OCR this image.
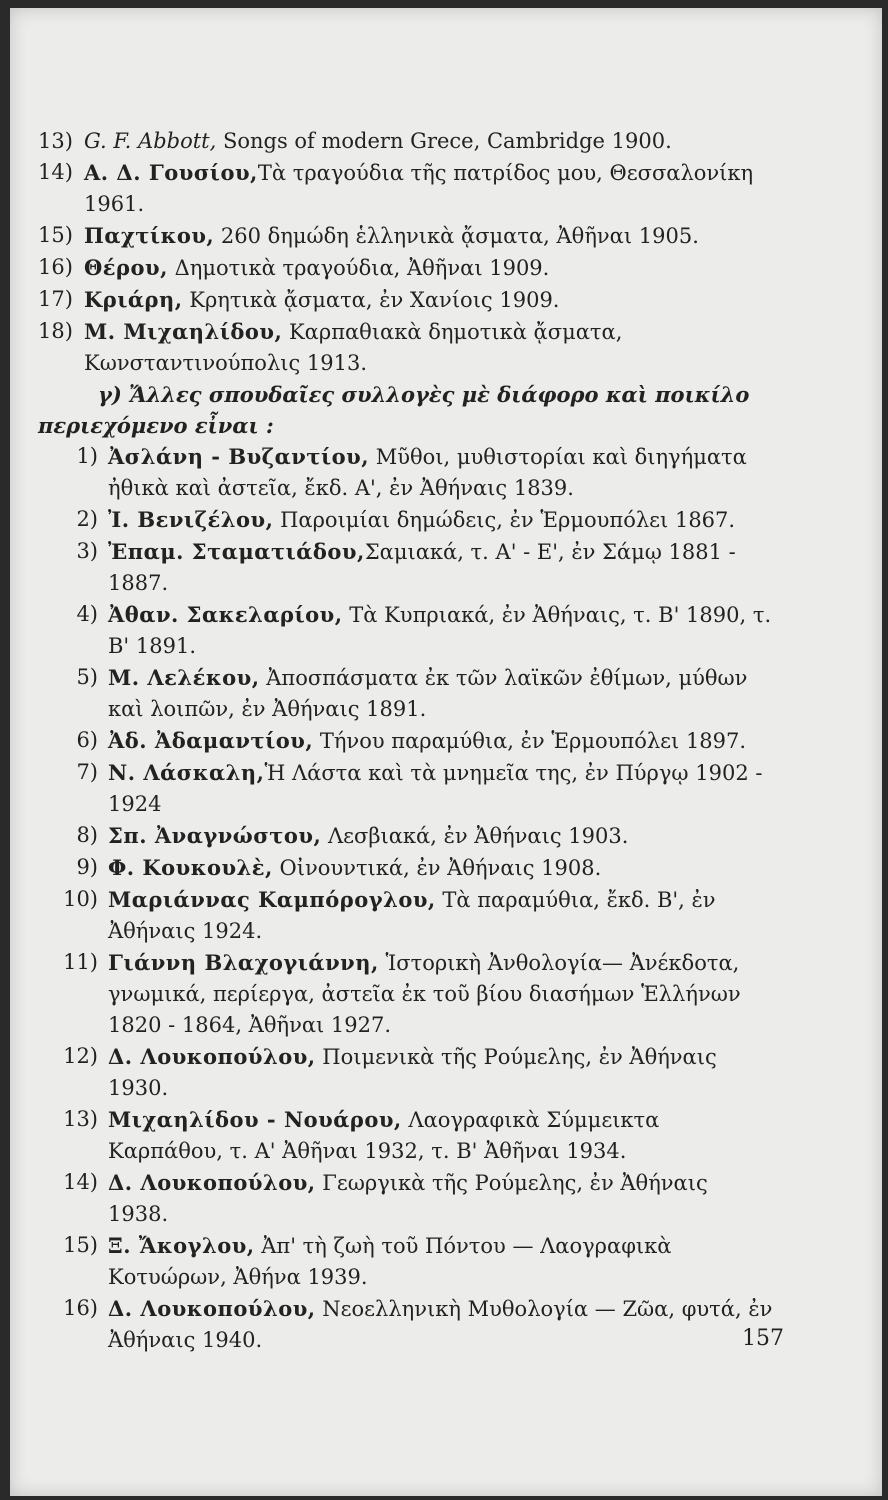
13) G. F. Abbott, Songs of modern Grece, Cambridge 1900.
14) Α. Δ. Γουσίου,Τὰ τραγούδια τῆς πατρίδος μου, Θεσσαλονίκη 1961.
15) Παχτίκου, 260 δημώδη ἑλληνικὰ ᾄσματα, Ἀθῆναι 1905.
16) Θέρου, Δημοτικὰ τραγούδια, Ἀθῆναι 1909.
17) Κριάρη, Κρητικὰ ᾄσματα, ἐν Χανίοις 1909.
18) Μ. Μιχαηλίδου, Καρπαθιακὰ δημοτικὰ ᾄσματα, Κωνσταντινούπολις 1913.
γ) Ἄλλες σπουδαῖες συλλογὲς μὲ διάφορο καὶ ποικίλο περιεχόμενο εἶναι :
1) Ἀσλάνη - Βυζαντίου, Μῦθοι, μυθιστορίαι καὶ διηγήματα ἠθικὰ καὶ ἀστεῖα, ἔκδ. Α', ἐν Ἀθήναις 1839.
2) Ἰ. Βενιζέλου, Παροιμίαι δημώδεις, ἐν Ἑρμουπόλει 1867.
3) Ἐπαμ. Σταματιάδου,Σαμιακά, τ. Α' - Ε', ἐν Σάμῳ 1881 - 1887.
4) Ἀθαν. Σακελαρίου, Τὰ Κυπριακά, ἐν Ἀθήναις, τ. Β' 1890, τ. Β' 1891.
5) Μ. Λελέκου, Ἀποσπάσματα ἐκ τῶν λαϊκῶν ἐθίμων, μύθων καὶ λοιπῶν, ἐν Ἀθήναις 1891.
6) Ἀδ. Ἀδαμαντίου, Τήνου παραμύθια, ἐν Ἑρμουπόλει 1897.
7) Ν. Λάσκαλη,Ἡ Λάστα καὶ τὰ μνημεῖα της, ἐν Πύργῳ 1902 - 1924
8) Σπ. Ἀναγνώστου, Λεσβιακά, ἐν Ἀθήναις 1903.
9) Φ. Κουκουλὲ, Οἰνουντικά, ἐν Ἀθήναις 1908.
10) Μαριάννας Καμπόρογλου, Τὰ παραμύθια, ἔκδ. Β', ἐν Ἀθήναις 1924.
11) Γιάννη Βλαχογιάννη, Ἱστορικὴ Ἀνθολογία— Ἀνέκδοτα, γνωμικά, περίεργα, ἀστεῖα ἐκ τοῦ βίου διασήμων Ἑλλήνων 1820 - 1864, Ἀθῆναι 1927.
12) Δ. Λουκοπούλου, Ποιμενικὰ τῆς Ρούμελης, ἐν Ἀθήναις 1930.
13) Μιχαηλίδου - Νουάρου, Λαογραφικὰ Σύμμεικτα Καρπάθου, τ. Α' Ἀθῆναι 1932, τ. Β' Ἀθῆναι 1934.
14) Δ. Λουκοπούλου, Γεωργικὰ τῆς Ρούμελης, ἐν Ἀθήναις 1938.
15) Ξ. Ἄκογλου, Ἀπ' τὴ ζωὴ τοῦ Πόντου — Λαογραφικὰ Κοτυώρων, Ἀθήνα 1939.
16) Δ. Λουκοπούλου, Νεοελληνικὴ Μυθολογία — Ζῶα, φυτά, ἐν Ἀθήναις 1940.	157
